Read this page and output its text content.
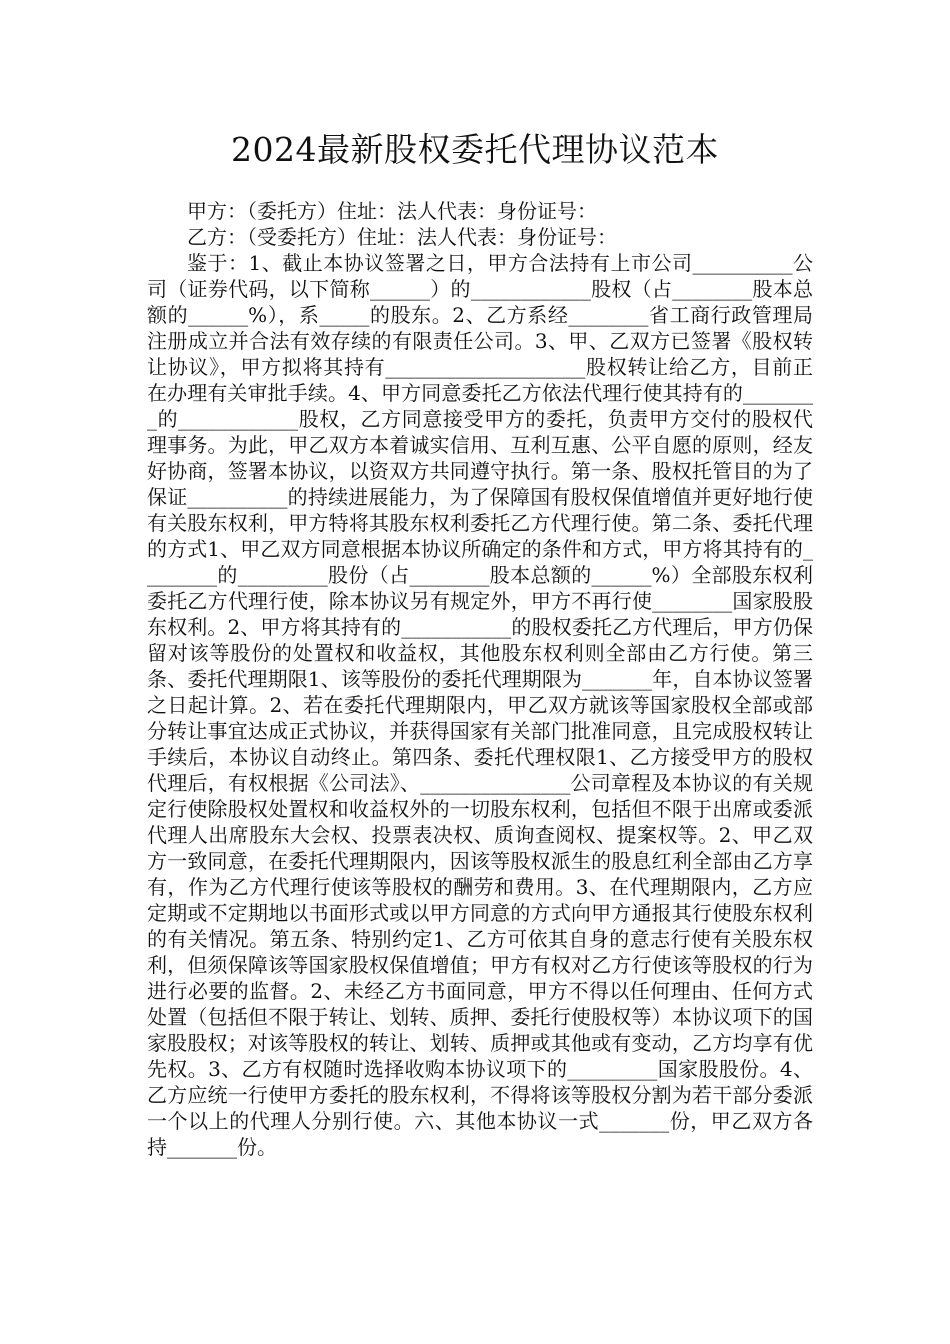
2024最新股权委托代理协议范本

甲方：（委托方）住址：法人代表：身份证号：

乙方：（受委托方）住址：法人代表：身份证号：

鉴于：1、截止本协议签署之日，甲方合法持有上市公司__________公司（证券代码，以下简称______）的____________股权（占________股本总额的______%），系_____的股东。2、乙方系经________省工商行政管理局注册成立并合法有效存续的有限责任公司。3、甲、乙双方已签署《股权转让协议》，甲方拟将其持有____________________股权转让给乙方，目前正在办理有关审批手续。4、甲方同意委托乙方依法代理行使其持有的________的____________股权，乙方同意接受甲方的委托，负责甲方交付的股权代理事务。为此，甲乙双方本着诚实信用、互利互惠、公平自愿的原则，经友好协商，签署本协议，以资双方共同遵守执行。第一条、股权托管目的为了保证__________的持续进展能力，为了保障国有股权保值增值并更好地行使有关股东权利，甲方特将其股东权利委托乙方代理行使。第二条、委托代理的方式1、甲乙双方同意根据本协议所确定的条件和方式，甲方将其持有的________的_________股份（占________股本总额的______%）全部股东权利委托乙方代理行使，除本协议另有规定外，甲方不再行使________国家股股东权利。2、甲方将其持有的___________的股权委托乙方代理后，甲方仍保留对该等股份的处置权和收益权，其他股东权利则全部由乙方行使。第三条、委托代理期限1、该等股份的委托代理期限为_______年，自本协议签署之日起计算。2、若在委托代理期限内，甲乙双方就该等国家股权全部或部分转让事宜达成正式协议，并获得国家有关部门批准同意，且完成股权转让手续后，本协议自动终止。第四条、委托代理权限1、乙方接受甲方的股权代理后，有权根据《公司法》、_______________公司章程及本协议的有关规定行使除股权处置权和收益权外的一切股东权利，包括但不限于出席或委派代理人出席股东大会权、投票表决权、质询查阅权、提案权等。2、甲乙双方一致同意，在委托代理期限内，因该等股权派生的股息红利全部由乙方享有，作为乙方代理行使该等股权的酬劳和费用。3、在代理期限内，乙方应定期或不定期地以书面形式或以甲方同意的方式向甲方通报其行使股东权利的有关情况。第五条、特别约定1、乙方可依其自身的意志行使有关股东权利，但须保障该等国家股权保值增值；甲方有权对乙方行使该等股权的行为进行必要的监督。2、未经乙方书面同意，甲方不得以任何理由、任何方式处置（包括但不限于转让、划转、质押、委托行使股权等）本协议项下的国家股股权；对该等股权的转让、划转、质押或其他或有变动，乙方均享有优先权。3、乙方有权随时选择收购本协议项下的_________国家股股份。4、乙方应统一行使甲方委托的股东权利，不得将该等股权分割为若干部分委派一个以上的代理人分别行使。六、其他本协议一式_______份，甲乙双方各持_______份。
